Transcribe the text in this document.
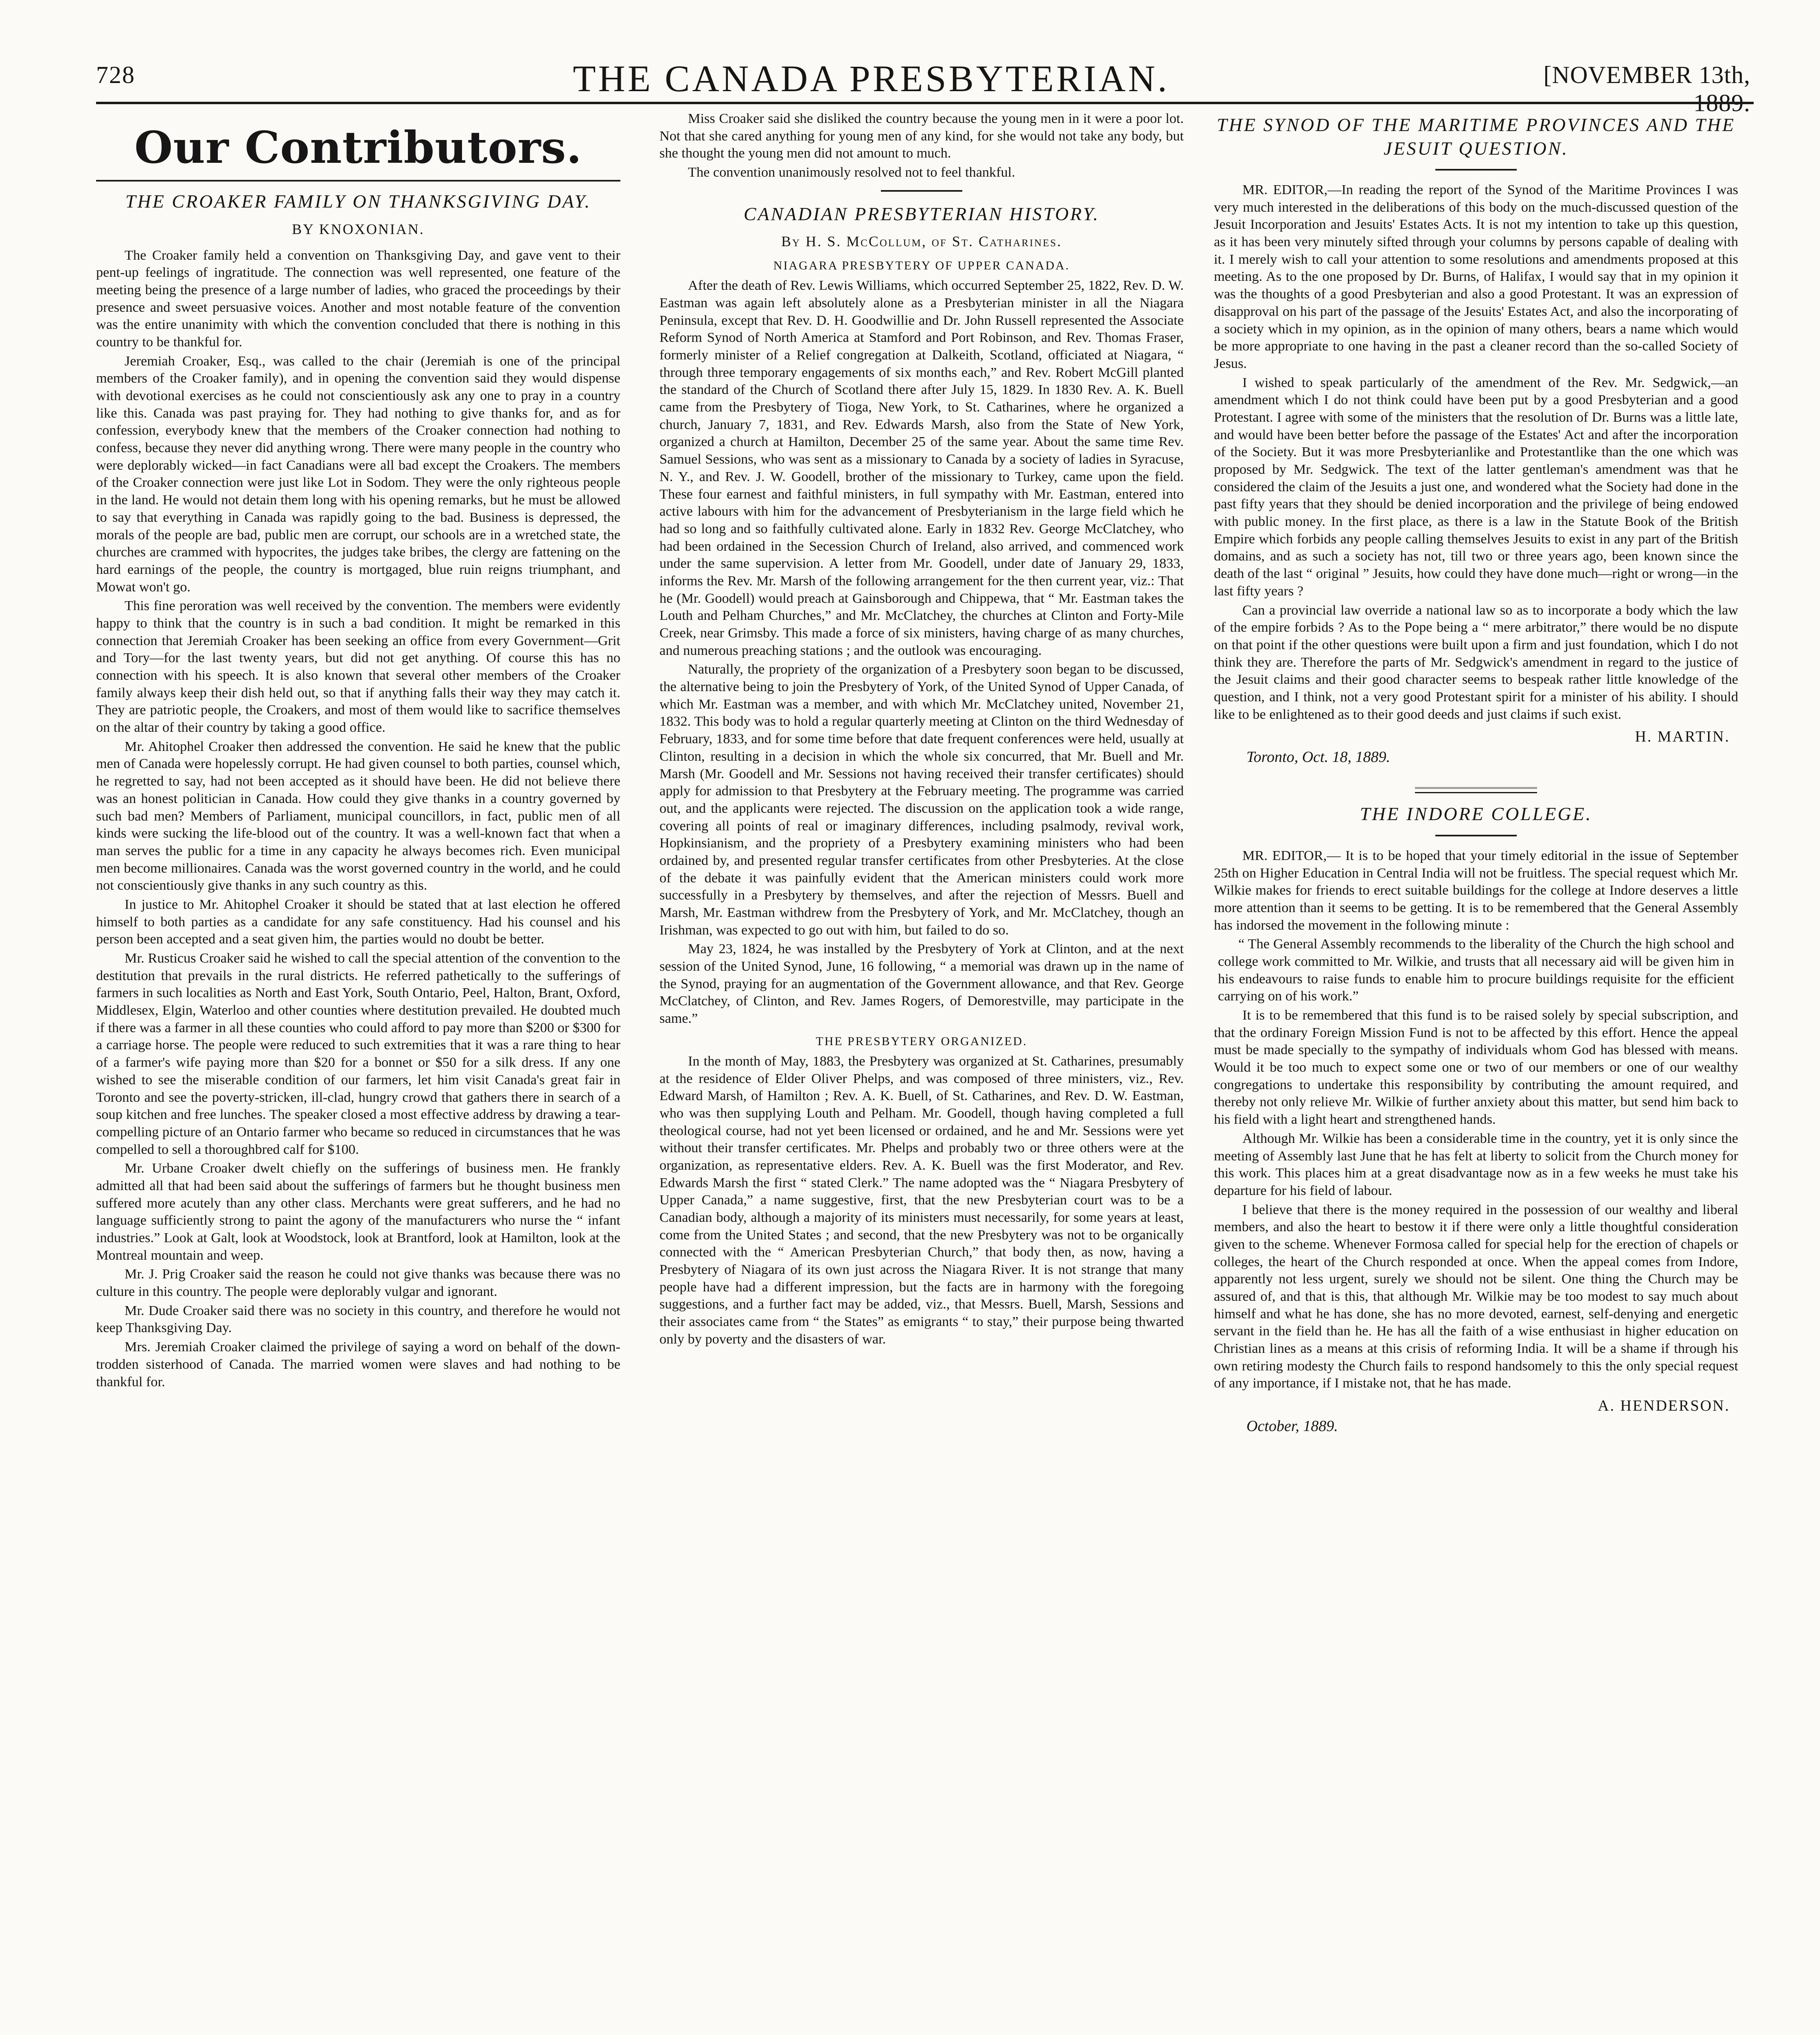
728	THE CANADA PRESBYTERIAN.	[NOVEMBER 13th, 1889.
Our Contributors.
THE CROAKER FAMILY ON THANKSGIVING DAY.
BY KNOXONIAN.

The Croaker family held a convention on Thanksgiving Day, and gave vent to their pent-up feelings of ingratitude. The connection was well represented, one feature of the meeting being the presence of a large number of ladies, who graced the proceedings by their presence and sweet persuasive voices. Another and most notable feature of the convention was the entire unanimity with which the convention concluded that there is nothing in this country to be thankful for.

Jeremiah Croaker, Esq., was called to the chair (Jeremiah is one of the principal members of the Croaker family), and in opening the convention said they would dispense with devotional exercises as he could not conscientiously ask any one to pray in a country like this. Canada was past praying for. They had nothing to give thanks for, and as for confession, everybody knew that the members of the Croaker connection had nothing to confess, because they never did anything wrong. There were many people in the country who were deplorably wicked—in fact Canadians were all bad except the Croakers. The members of the Croaker connection were just like Lot in Sodom. They were the only righteous people in the land. He would not detain them long with his opening remarks, but he must be allowed to say that everything in Canada was rapidly going to the bad. Business is depressed, the morals of the people are bad, public men are corrupt, our schools are in a wretched state, the churches are crammed with hypocrites, the judges take bribes, the clergy are fattening on the hard earnings of the people, the country is mortgaged, blue ruin reigns triumphant, and Mowat won't go.

This fine peroration was well received by the convention. The members were evidently happy to think that the country is in such a bad condition. It might be remarked in this connection that Jeremiah Croaker has been seeking an office from every Government—Grit and Tory—for the last twenty years, but did not get anything. Of course this has no connection with his speech. It is also known that several other members of the Croaker family always keep their dish held out, so that if anything falls their way they may catch it. They are patriotic people, the Croakers, and most of them would like to sacrifice themselves on the altar of their country by taking a good office.

Mr. Ahitophel Croaker then addressed the convention. He said he knew that the public men of Canada were hopelessly corrupt. He had given counsel to both parties, counsel which, he regretted to say, had not been accepted as it should have been. He did not believe there was an honest politician in Canada. How could they give thanks in a country governed by such bad men? Members of Parliament, municipal councillors, in fact, public men of all kinds were sucking the life-blood out of the country. It was a well-known fact that when a man serves the public for a time in any capacity he always becomes rich. Even municipal men become millionaires. Canada was the worst governed country in the world, and he could not conscientiously give thanks in any such country as this.

In justice to Mr. Ahitophel Croaker it should be stated that at last election he offered himself to both parties as a candidate for any safe constituency. Had his counsel and his person been accepted and a seat given him, the parties would no doubt be better.

Mr. Rusticus Croaker said he wished to call the special attention of the convention to the destitution that prevails in the rural districts. He referred pathetically to the sufferings of farmers in such localities as North and East York, South Ontario, Peel, Halton, Brant, Oxford, Middlesex, Elgin, Waterloo and other counties where destitution prevailed. He doubted much if there was a farmer in all these counties who could afford to pay more than $200 or $300 for a carriage horse. The people were reduced to such extremities that it was a rare thing to hear of a farmer's wife paying more than $20 for a bonnet or $50 for a silk dress. If any one wished to see the miserable condition of our farmers, let him visit Canada's great fair in Toronto and see the poverty-stricken, ill-clad, hungry crowd that gathers there in search of a soup kitchen and free lunches. The speaker closed a most effective address by drawing a tear-compelling picture of an Ontario farmer who became so reduced in circumstances that he was compelled to sell a thoroughbred calf for $100.

Mr. Urbane Croaker dwelt chiefly on the sufferings of business men. He frankly admitted all that had been said about the sufferings of farmers but he thought business men suffered more acutely than any other class. Merchants were great sufferers, and he had no language sufficiently strong to paint the agony of the manufacturers who nurse the “ infant industries.” Look at Galt, look at Woodstock, look at Brantford, look at Hamilton, look at the Montreal mountain and weep.

Mr. J. Prig Croaker said the reason he could not give thanks was because there was no culture in this country. The people were deplorably vulgar and ignorant.

Mr. Dude Croaker said there was no society in this country, and therefore he would not keep Thanksgiving Day.

Mrs. Jeremiah Croaker claimed the privilege of saying a word on behalf of the down-trodden sisterhood of Canada. The married women were slaves and had nothing to be thankful for.

Miss Croaker said she disliked the country because the young men in it were a poor lot. Not that she cared anything for young men of any kind, for she would not take any body, but she thought the young men did not amount to much.

The convention unanimously resolved not to feel thankful.

CANADIAN PRESBYTERIAN HISTORY.
By H. S. McCollum, of St. Catharines.
NIAGARA PRESBYTERY OF UPPER CANADA.

After the death of Rev. Lewis Williams, which occurred September 25, 1822, Rev. D. W. Eastman was again left absolutely alone as a Presbyterian minister in all the Niagara Peninsula, except that Rev. D. H. Goodwillie and Dr. John Russell represented the Associate Reform Synod of North America at Stamford and Port Robinson, and Rev. Thomas Fraser, formerly minister of a Relief congregation at Dalkeith, Scotland, officiated at Niagara, “ through three temporary engagements of six months each,” and Rev. Robert McGill planted the standard of the Church of Scotland there after July 15, 1829. In 1830 Rev. A. K. Buell came from the Presbytery of Tioga, New York, to St. Catharines, where he organized a church, January 7, 1831, and Rev. Edwards Marsh, also from the State of New York, organized a church at Hamilton, December 25 of the same year. About the same time Rev. Samuel Sessions, who was sent as a missionary to Canada by a society of ladies in Syracuse, N. Y., and Rev. J. W. Goodell, brother of the missionary to Turkey, came upon the field. These four earnest and faithful ministers, in full sympathy with Mr. Eastman, entered into active labours with him for the advancement of Presbyterianism in the large field which he had so long and so faithfully cultivated alone. Early in 1832 Rev. George McClatchey, who had been ordained in the Secession Church of Ireland, also arrived, and commenced work under the same supervision. A letter from Mr. Goodell, under date of January 29, 1833, informs the Rev. Mr. Marsh of the following arrangement for the then current year, viz.: That he (Mr. Goodell) would preach at Gainsborough and Chippewa, that “ Mr. Eastman takes the Louth and Pelham Churches,” and Mr. McClatchey, the churches at Clinton and Forty-Mile Creek, near Grimsby. This made a force of six ministers, having charge of as many churches, and numerous preaching stations ; and the outlook was encouraging.

Naturally, the propriety of the organization of a Presbytery soon began to be discussed, the alternative being to join the Presbytery of York, of the United Synod of Upper Canada, of which Mr. Eastman was a member, and with which Mr. McClatchey united, November 21, 1832. This body was to hold a regular quarterly meeting at Clinton on the third Wednesday of February, 1833, and for some time before that date frequent conferences were held, usually at Clinton, resulting in a decision in which the whole six concurred, that Mr. Buell and Mr. Marsh (Mr. Goodell and Mr. Sessions not having received their transfer certificates) should apply for admission to that Presbytery at the February meeting. The programme was carried out, and the applicants were rejected. The discussion on the application took a wide range, covering all points of real or imaginary differences, including psalmody, revival work, Hopkinsianism, and the propriety of a Presbytery examining ministers who had been ordained by, and presented regular transfer certificates from other Presbyteries. At the close of the debate it was painfully evident that the American ministers could work more successfully in a Presbytery by themselves, and after the rejection of Messrs. Buell and Marsh, Mr. Eastman withdrew from the Presbytery of York, and Mr. McClatchey, though an Irishman, was expected to go out with him, but failed to do so.

May 23, 1824, he was installed by the Presbytery of York at Clinton, and at the next session of the United Synod, June, 16 following, “ a memorial was drawn up in the name of the Synod, praying for an augmentation of the Government allowance, and that Rev. George McClatchey, of Clinton, and Rev. James Rogers, of Demorestville, may participate in the same.”

THE PRESBYTERY ORGANIZED.

In the month of May, 1883, the Presbytery was organized at St. Catharines, presumably at the residence of Elder Oliver Phelps, and was composed of three ministers, viz., Rev. Edward Marsh, of Hamilton ; Rev. A. K. Buell, of St. Catharines, and Rev. D. W. Eastman, who was then supplying Louth and Pelham. Mr. Goodell, though having completed a full theological course, had not yet been licensed or ordained, and he and Mr. Sessions were yet without their transfer certificates. Mr. Phelps and probably two or three others were at the organization, as representative elders. Rev. A. K. Buell was the first Moderator, and Rev. Edwards Marsh the first “ stated Clerk.” The name adopted was the “ Niagara Presbytery of Upper Canada,” a name suggestive, first, that the new Presbyterian court was to be a Canadian body, although a majority of its ministers must necessarily, for some years at least, come from the United States ; and second, that the new Presbytery was not to be organically connected with the “ American Presbyterian Church,” that body then, as now, having a Presbytery of Niagara of its own just across the Niagara River. It is not strange that many people have had a different impression, but the facts are in harmony with the foregoing suggestions, and a further fact may be added, viz., that Messrs. Buell, Marsh, Sessions and their associates came from “ the States” as emigrants “ to stay,” their purpose being thwarted only by poverty and the disasters of war.

THE SYNOD OF THE MARITIME PROVINCES AND THE JESUIT QUESTION.

MR. EDITOR,—In reading the report of the Synod of the Maritime Provinces I was very much interested in the deliberations of this body on the much-discussed question of the Jesuit Incorporation and Jesuits' Estates Acts. It is not my intention to take up this question, as it has been very minutely sifted through your columns by persons capable of dealing with it. I merely wish to call your attention to some resolutions and amendments proposed at this meeting. As to the one proposed by Dr. Burns, of Halifax, I would say that in my opinion it was the thoughts of a good Presbyterian and also a good Protestant. It was an expression of disapproval on his part of the passage of the Jesuits' Estates Act, and also the incorporating of a society which in my opinion, as in the opinion of many others, bears a name which would be more appropriate to one having in the past a cleaner record than the so-called Society of Jesus.

I wished to speak particularly of the amendment of the Rev. Mr. Sedgwick,—an amendment which I do not think could have been put by a good Presbyterian and a good Protestant. I agree with some of the ministers that the resolution of Dr. Burns was a little late, and would have been better before the passage of the Estates' Act and after the incorporation of the Society. But it was more Presbyterianlike and Protestantlike than the one which was proposed by Mr. Sedgwick. The text of the latter gentleman's amendment was that he considered the claim of the Jesuits a just one, and wondered what the Society had done in the past fifty years that they should be denied incorporation and the privilege of being endowed with public money. In the first place, as there is a law in the Statute Book of the British Empire which forbids any people calling themselves Jesuits to exist in any part of the British domains, and as such a society has not, till two or three years ago, been known since the death of the last “ original ” Jesuits, how could they have done much—right or wrong—in the last fifty years ?

Can a provincial law override a national law so as to incorporate a body which the law of the empire forbids ? As to the Pope being a “ mere arbitrator,” there would be no dispute on that point if the other questions were built upon a firm and just foundation, which I do not think they are. Therefore the parts of Mr. Sedgwick's amendment in regard to the justice of the Jesuit claims and their good character seems to bespeak rather little knowledge of the question, and I think, not a very good Protestant spirit for a minister of his ability. I should like to be enlightened as to their good deeds and just claims if such exist.

H. MARTIN.
Toronto, Oct. 18, 1889.
THE INDORE COLLEGE.

MR. EDITOR,— It is to be hoped that your timely editorial in the issue of September 25th on Higher Education in Central India will not be fruitless. The special request which Mr. Wilkie makes for friends to erect suitable buildings for the college at Indore deserves a little more attention than it seems to be getting. It is to be remembered that the General Assembly has indorsed the movement in the following minute :

“ The General Assembly recommends to the liberality of the Church the high school and college work committed to Mr. Wilkie, and trusts that all necessary aid will be given him in his endeavours to raise funds to enable him to procure buildings requisite for the efficient carrying on of his work.”

It is to be remembered that this fund is to be raised solely by special subscription, and that the ordinary Foreign Mission Fund is not to be affected by this effort. Hence the appeal must be made specially to the sympathy of individuals whom God has blessed with means. Would it be too much to expect some one or two of our members or one of our wealthy congregations to undertake this responsibility by contributing the amount required, and thereby not only relieve Mr. Wilkie of further anxiety about this matter, but send him back to his field with a light heart and strengthened hands.

Although Mr. Wilkie has been a considerable time in the country, yet it is only since the meeting of Assembly last June that he has felt at liberty to solicit from the Church money for this work. This places him at a great disadvantage now as in a few weeks he must take his departure for his field of labour.

I believe that there is the money required in the possession of our wealthy and liberal members, and also the heart to bestow it if there were only a little thoughtful consideration given to the scheme. Whenever Formosa called for special help for the erection of chapels or colleges, the heart of the Church responded at once. When the appeal comes from Indore, apparently not less urgent, surely we should not be silent. One thing the Church may be assured of, and that is this, that although Mr. Wilkie may be too modest to say much about himself and what he has done, she has no more devoted, earnest, self-denying and energetic servant in the field than he. He has all the faith of a wise enthusiast in higher education on Christian lines as a means at this crisis of reforming India. It will be a shame if through his own retiring modesty the Church fails to respond handsomely to this the only special request of any importance, if I mistake not, that he has made.

A. HENDERSON.
October, 1889.
